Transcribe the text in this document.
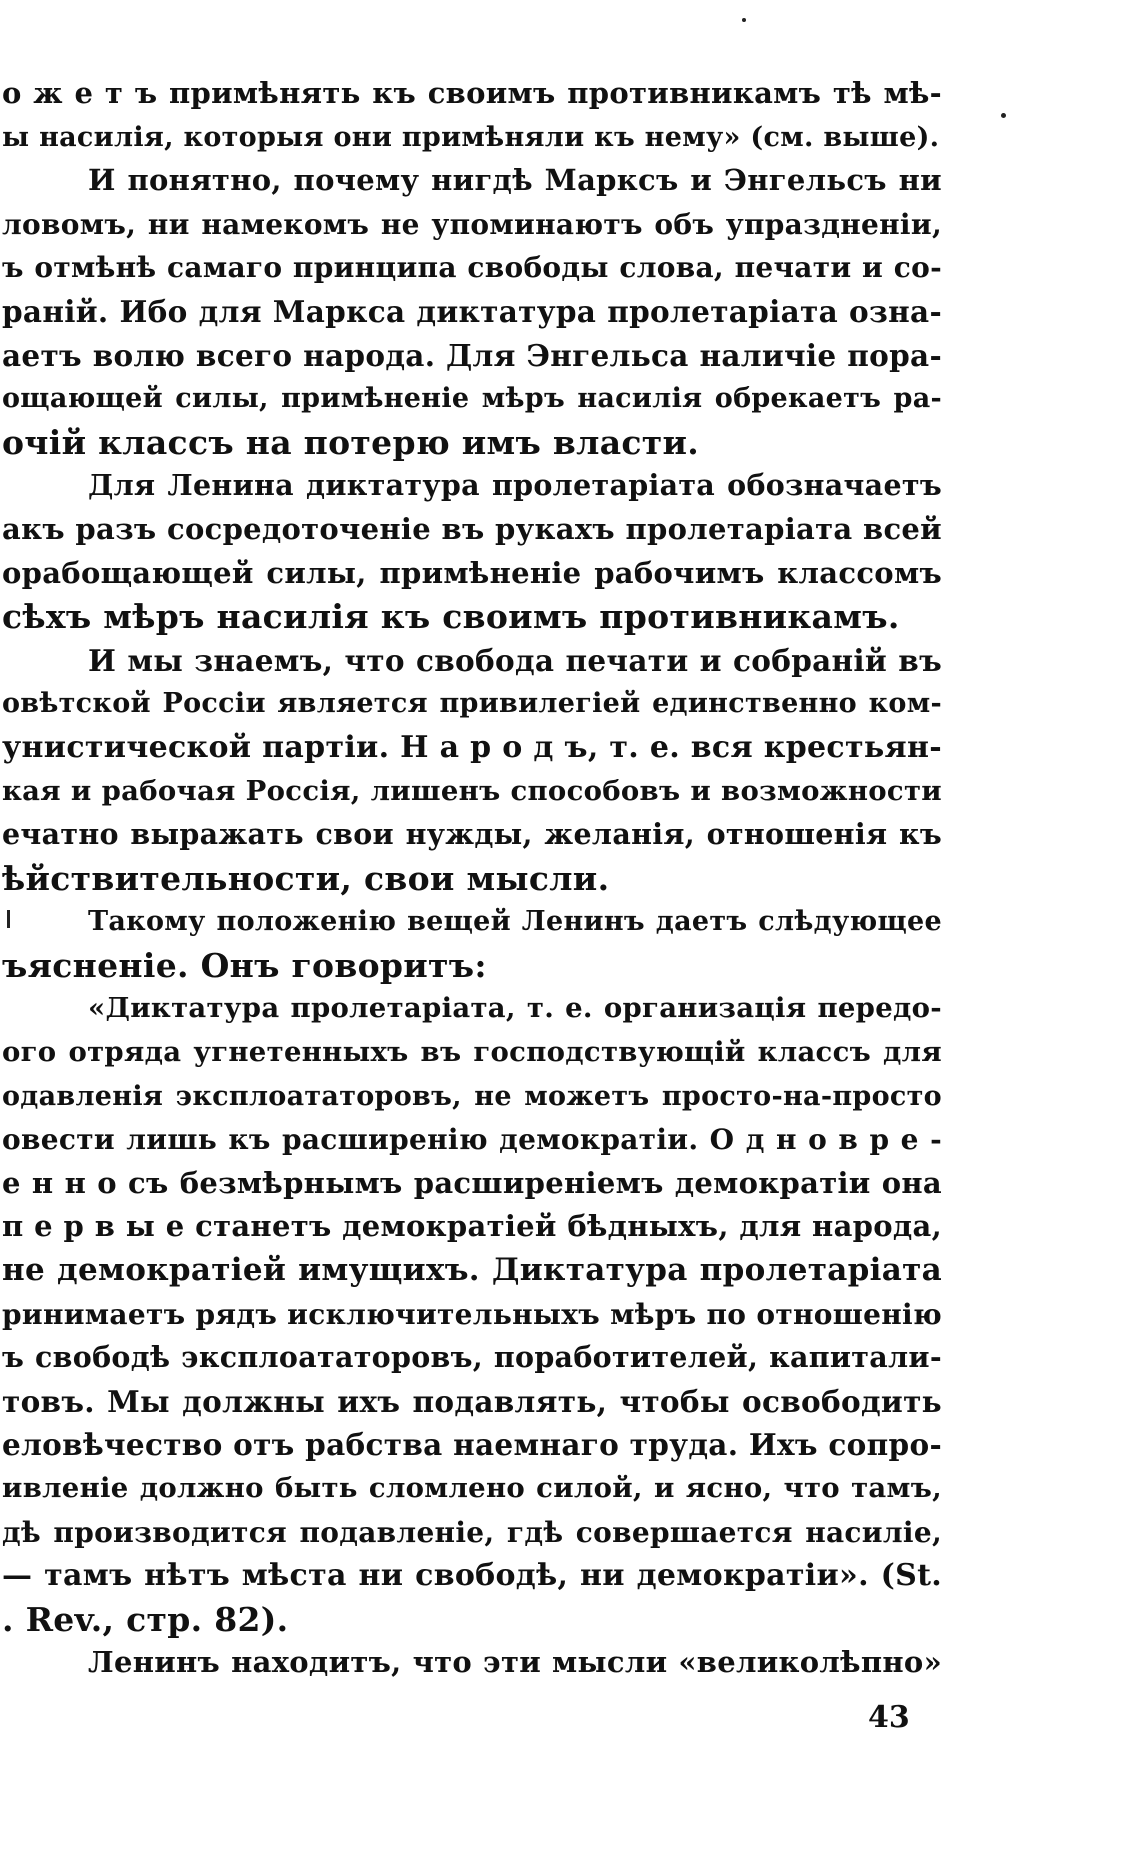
о ж е т ъ примѣнять къ своимъ противникамъ тѣ мѣ-
ы насилія, которыя они примѣняли къ нему» (см. выше).
И понятно, почему нигдѣ Марксъ и Энгельсъ ни
ловомъ, ни намекомъ не упоминаютъ объ упраздненіи,
ъ отмѣнѣ самаго принципа свободы слова, печати и со-
раній. Ибо для Маркса диктатура пролетаріата озна-
аетъ волю всего народа. Для Энгельса наличіе пора-
ощающей силы, примѣненіе мѣръ насилія обрекаетъ ра-
очій классъ на потерю имъ власти.
Для Ленина диктатура пролетаріата обозначаетъ
акъ разъ сосредоточеніе въ рукахъ пролетаріата всей
орабощающей силы, примѣненіе рабочимъ классомъ
сѣхъ мѣръ насилія къ своимъ противникамъ.
И мы знаемъ, что свобода печати и собраній въ
овѣтской Россіи является привилегіей единственно ком-
унистической партіи. Н а р о д ъ, т. е. вся крестьян-
кая и рабочая Россія, лишенъ способовъ и возможности
ечатно выражать свои нужды, желанія, отношенія къ
ѣйствительности, свои мысли.
Такому положенію вещей Ленинъ даетъ слѣдующее
ъясненіе. Онъ говоритъ:
«Диктатура пролетаріата, т. е. организація передо-
ого отряда угнетенныхъ въ господствующій классъ для
одавленія эксплоататоровъ, не можетъ просто-на-просто
овести лишь къ расширенію демократіи. О д н о в р е -
е н н о съ безмѣрнымъ расширеніемъ демократіи она
п е р в ы е станетъ демократіей бѣдныхъ, для народа,
не демократіей имущихъ. Диктатура пролетаріата
ринимаетъ рядъ исключительныхъ мѣръ по отношенію
ъ свободѣ эксплоататоровъ, поработителей, капитали-
товъ. Мы должны ихъ подавлять, чтобы освободить
еловѣчество отъ рабства наемнаго труда. Ихъ сопро-
ивленіе должно быть сломлено силой, и ясно, что тамъ,
дѣ производится подавленіе, гдѣ совершается насиліе,
— тамъ нѣтъ мѣста ни свободѣ, ни демократіи». (St.
. Rev., стр. 82).
Ленинъ находитъ, что эти мысли «великолѣпно»
43
